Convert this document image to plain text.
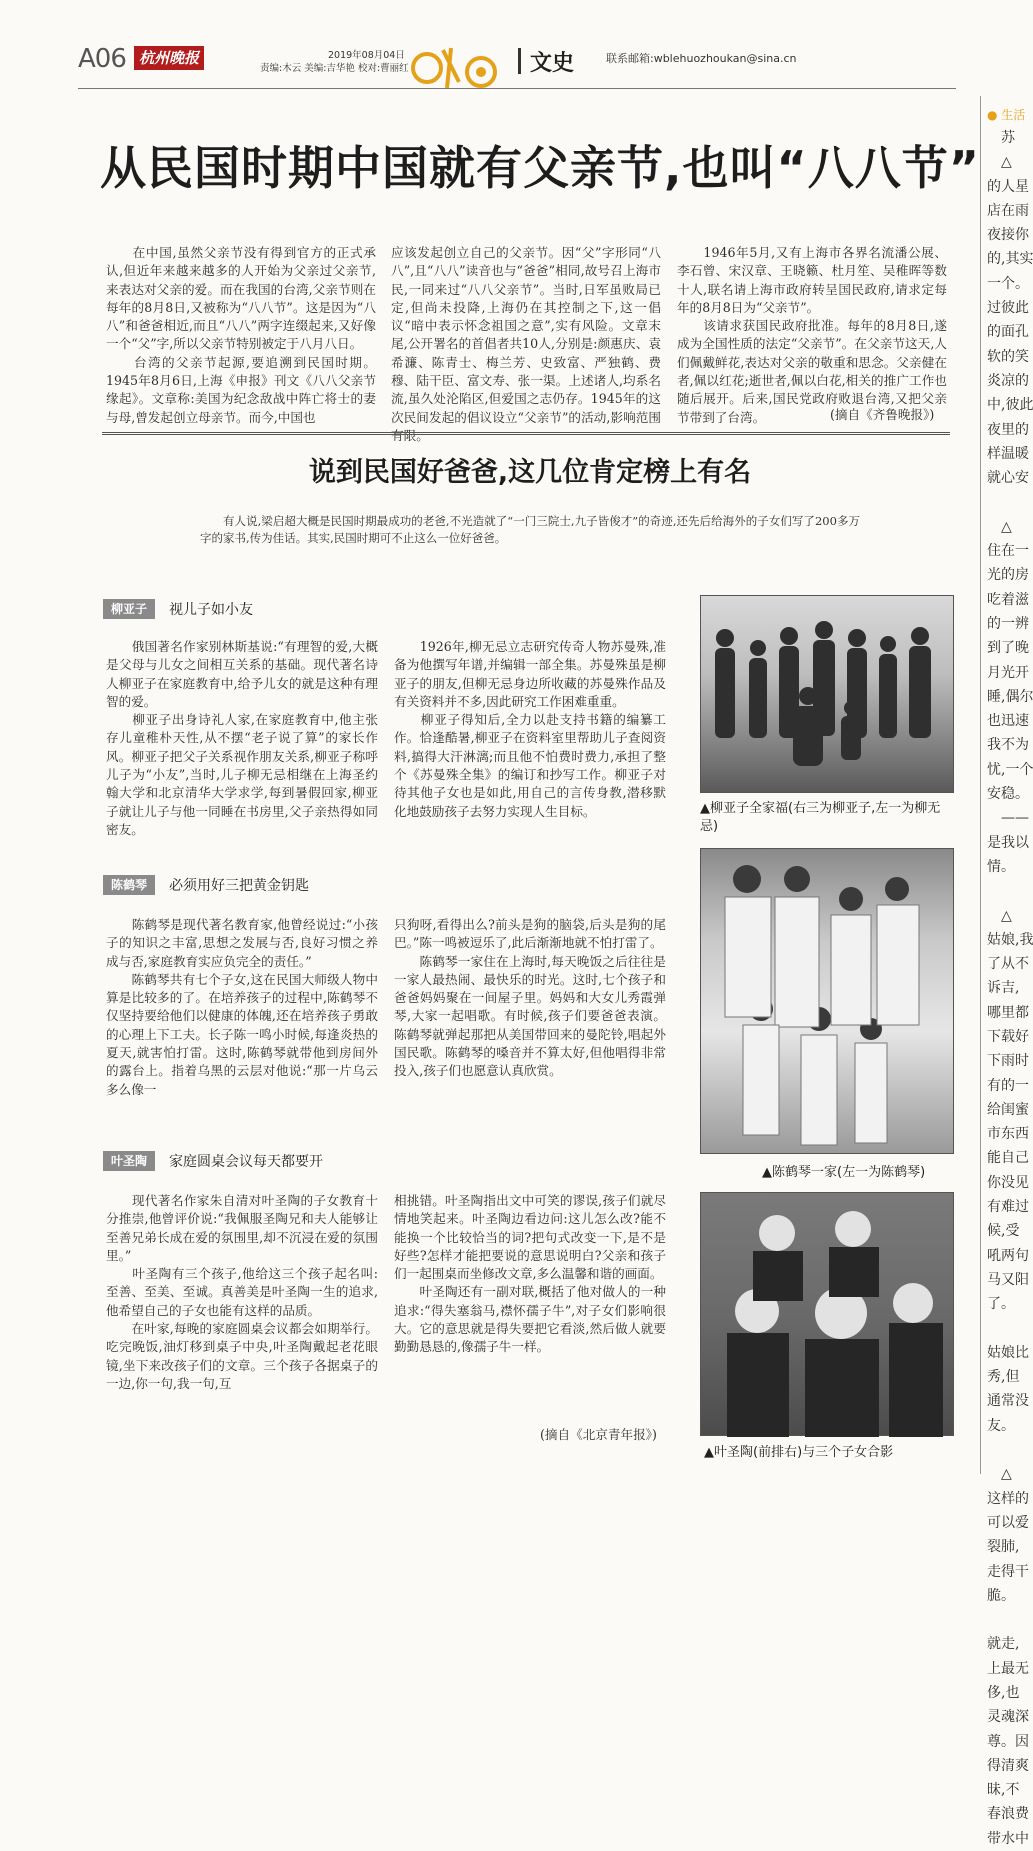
A06 杭州晚报	2019年08月04日
责编:木云 美编:吉华艳 校对:曹丽红	文史	联系邮箱:wblehuozhoukan@sina.cn
从民国时期中国就有父亲节,也叫“八八节”
　　在中国,虽然父亲节没有得到官方的正式承认,但近年来越来越多的人开始为父亲过父亲节,来表达对父亲的爱。而在我国的台湾,父亲节则在每年的8月8日,又被称为“八八节”。这是因为“八八”和爸爸相近,而且“八八”两字连缀起来,又好像一个“父”字,所以父亲节特别被定于八月八日。
　　台湾的父亲节起源,要追溯到民国时期。1945年8月6日,上海《申报》刊文《八八父亲节缘起》。文章称:美国为纪念敌战中阵亡将士的妻与母,曾发起创立母亲节。而今,中国也
应该发起创立自己的父亲节。因“父”字形同“八八”,且“八八”读音也与“爸爸”相同,故号召上海市民,一同来过“八八父亲节”。当时,日军虽败局已定,但尚未投降,上海仍在其控制之下,这一倡议“暗中表示怀念祖国之意”,实有风险。文章末尾,公开署名的首倡者共10人,分别是:颜惠庆、袁希濂、陈青士、梅兰芳、史致富、严独鹤、费穆、陆干臣、富文寿、张一渠。上述诸人,均系名流,虽久处沦陷区,但爱国之志仍存。1945年的这次民间发起的倡议设立“父亲节”的活动,影响范围有限。
　　1946年5月,又有上海市各界名流潘公展、李石曾、宋汉章、王晓籁、杜月笙、吴稚晖等数十人,联名请上海市政府转呈国民政府,请求定每年的8月8日为“父亲节”。
　　该请求获国民政府批准。每年的8月8日,遂成为全国性质的法定“父亲节”。在父亲节这天,人们佩戴鲜花,表达对父亲的敬重和思念。父亲健在者,佩以红花;逝世者,佩以白花,相关的推广工作也随后展开。后来,国民党政府败退台湾,又把父亲节带到了台湾。	(摘自《齐鲁晚报》)
说到民国好爸爸,这几位肯定榜上有名
有人说,梁启超大概是民国时期最成功的老爸,不光造就了“一门三院士,九子皆俊才”的奇迹,还先后给海外的子女们写了200多万字的家书,传为佳话。其实,民国时期可不止这么一位好爸爸。
柳亚子	视儿子如小友
　　俄国著名作家别林斯基说:“有理智的爱,大概是父母与儿女之间相互关系的基础。现代著名诗人柳亚子在家庭教育中,给予儿女的就是这种有理智的爱。
　　柳亚子出身诗礼人家,在家庭教育中,他主张存儿童稚朴天性,从不摆“老子说了算”的家长作风。柳亚子把父子关系视作朋友关系,柳亚子称呼儿子为“小友”,当时,儿子柳无忌相继在上海圣约翰大学和北京清华大学求学,每到暑假回家,柳亚子就让儿子与他一同睡在书房里,父子亲热得如同密友。
　　1926年,柳无忌立志研究传奇人物苏曼殊,准备为他撰写年谱,并编辑一部全集。苏曼殊虽是柳亚子的朋友,但柳无忌身边所收藏的苏曼殊作品及有关资料并不多,因此研究工作困难重重。
　　柳亚子得知后,全力以赴支持书籍的编纂工作。恰逢酷暑,柳亚子在资料室里帮助儿子查阅资料,搞得大汗淋漓;而且他不怕费时费力,承担了整个《苏曼殊全集》的编订和抄写工作。柳亚子对待其他子女也是如此,用自己的言传身教,潜移默化地鼓励孩子去努力实现人生目标。
陈鹤琴	必须用好三把黄金钥匙
　　陈鹤琴是现代著名教育家,他曾经说过:“小孩子的知识之丰富,思想之发展与否,良好习惯之养成与否,家庭教育实应负完全的责任。”
　　陈鹤琴共有七个子女,这在民国大师级人物中算是比较多的了。在培养孩子的过程中,陈鹤琴不仅坚持要给他们以健康的体魄,还在培养孩子勇敢的心理上下工夫。长子陈一鸣小时候,每逢炎热的夏天,就害怕打雷。这时,陈鹤琴就带他到房间外的露台上。指着乌黑的云层对他说:“那一片乌云多么像一
只狗呀,看得出么?前头是狗的脑袋,后头是狗的尾巴。”陈一鸣被逗乐了,此后渐渐地就不怕打雷了。
　　陈鹤琴一家住在上海时,每天晚饭之后往往是一家人最热闹、最快乐的时光。这时,七个孩子和爸爸妈妈聚在一间屋子里。妈妈和大女儿秀霞弹琴,大家一起唱歌。有时候,孩子们要爸爸表演。陈鹤琴就弹起那把从美国带回来的曼陀铃,唱起外国民歌。陈鹤琴的嗓音并不算太好,但他唱得非常投入,孩子们也愿意认真欣赏。
叶圣陶	家庭圆桌会议每天都要开
　　现代著名作家朱自清对叶圣陶的子女教育十分推崇,他曾评价说:“我佩服圣陶兄和夫人能够让至善兄弟长成在爱的氛围里,却不沉浸在爱的氛围里。”
　　叶圣陶有三个孩子,他给这三个孩子起名叫:至善、至美、至诚。真善美是叶圣陶一生的追求,他希望自己的子女也能有这样的品质。
　　在叶家,每晚的家庭圆桌会议都会如期举行。吃完晚饭,油灯移到桌子中央,叶圣陶戴起老花眼镜,坐下来改孩子们的文章。三个孩子各据桌子的一边,你一句,我一句,互
相挑错。叶圣陶指出文中可笑的谬误,孩子们就尽情地笑起来。叶圣陶边看边问:这儿怎么改?能不能换一个比较恰当的词?把句式改变一下,是不是好些?怎样才能把要说的意思说明白?父亲和孩子们一起围桌而坐修改文章,多么温馨和谐的画面。
　　叶圣陶还有一副对联,概括了他对做人的一种追求:“得失塞翁马,襟怀孺子牛”,对子女们影响很大。它的意思就是得失要把它看淡,然后做人就要勤勤恳恳的,像孺子牛一样。
(摘自《北京青年报》)
▲柳亚子全家福(右三为柳亚子,左一为柳无忌)
▲陈鹤琴一家(左一为陈鹤琴)
▲叶圣陶(前排右)与三个子女合影
● 生活
　苏
　△
的人星
店在雨
夜接你
的,其实
一个。
过彼此
的面孔
软的笑
炎凉的
中,彼此
夜里的
样温暖
就心安

　△
住在一
光的房
吃着滋
的一辨
到了晚
月光开
睡,偶尔
也迅速
我不为
忧,一个
安稳。
　——
是我以
情。

　△
姑娘,我
了从不
诉吉,
哪里都
下载好
下雨时
有的一
给闺蜜
市东西
能自己
你没见
有难过
候,受
吼两句
马又阳
了。

姑娘比
秀,但
通常没
友。

　△
这样的
可以爱
裂肺,
走得干
脆。

就走,
上最无
侈,也
灵魂深
尊。因
得清爽
昧,不
春浪费
带水中
